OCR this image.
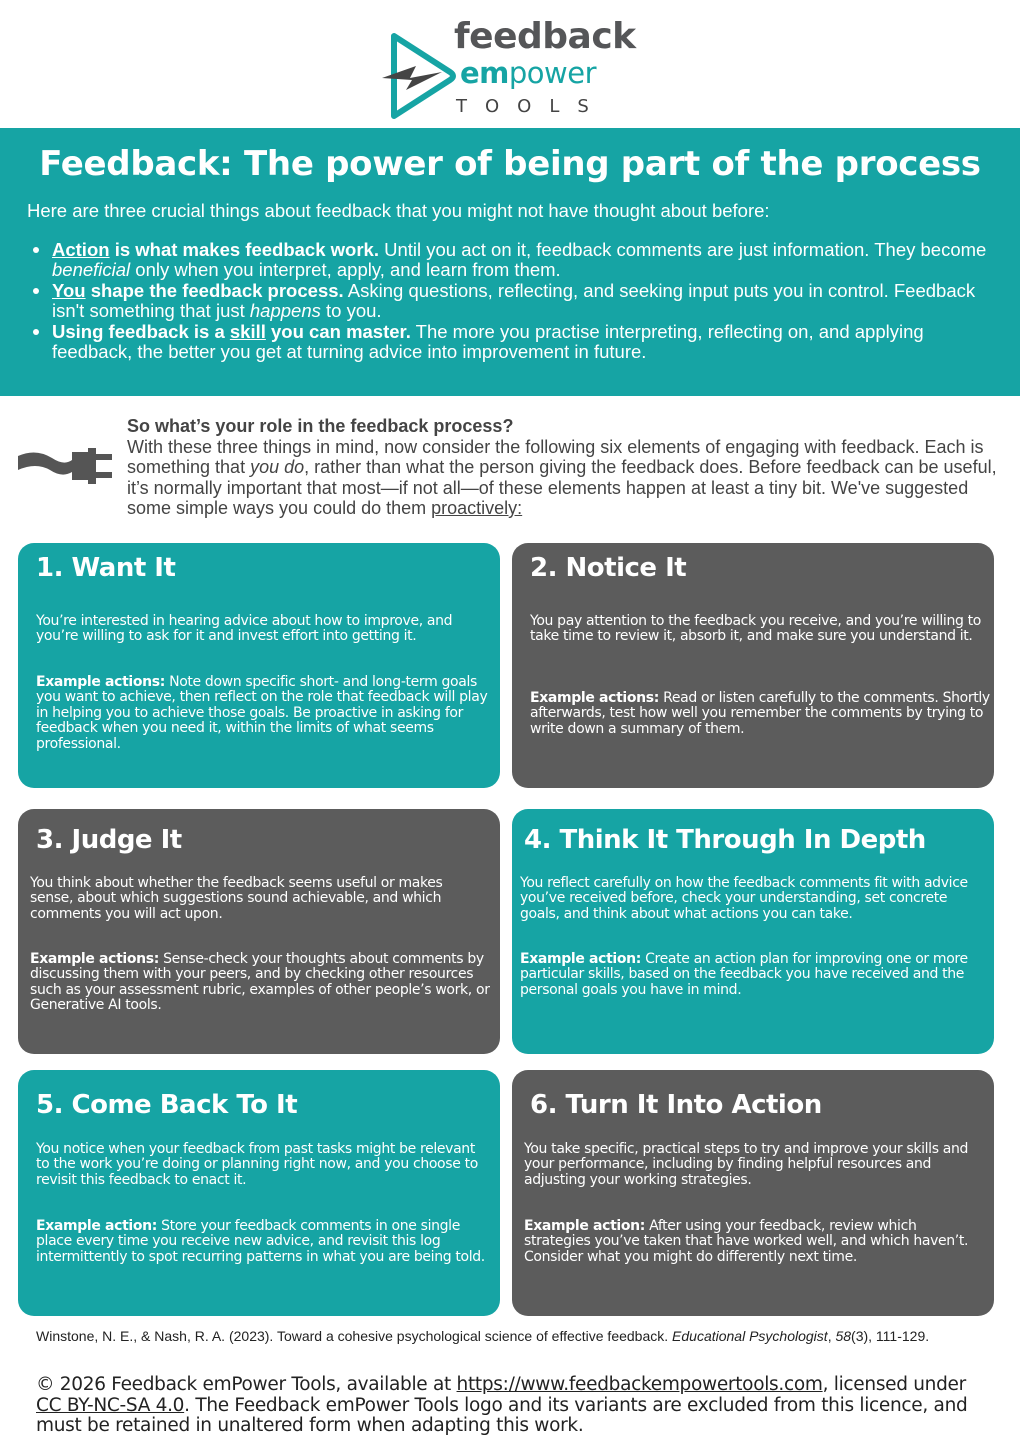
feedback
empower
TOOLS
Feedback: The power of being part of the process

Here are three crucial things about feedback that you might not have thought about before:

Action is what makes feedback work. Until you act on it, feedback comments are just information. They become beneficial only when you interpret, apply, and learn from them.
You shape the feedback process. Asking questions, reflecting, and seeking input puts you in control. Feedback isn't something that just happens to you.
Using feedback is a skill you can master. The more you practise interpreting, reflecting on, and applying feedback, the better you get at turning advice into improvement in future.
So what’s your role in the feedback process?
With these three things in mind, now consider the following six elements of engaging with feedback. Each is something that you do, rather than what the person giving the feedback does. Before feedback can be useful, it’s normally important that most—if not all—of these elements happen at least a tiny bit. We've suggested some simple ways you could do them proactively:
1. Want It
You’re interested in hearing advice about how to improve, and you’re willing to ask for it and invest effort into getting it.
Example actions: Note down specific short- and long-term goals you want to achieve, then reflect on the role that feedback will play in helping you to achieve those goals. Be proactive in asking for feedback when you need it, within the limits of what seems professional.
2. Notice It
You pay attention to the feedback you receive, and you’re willing to take time to review it, absorb it, and make sure you understand it.
Example actions: Read or listen carefully to the comments. Shortly afterwards, test how well you remember the comments by trying to write down a summary of them.
3. Judge It
You think about whether the feedback seems useful or makes sense, about which suggestions sound achievable, and which comments you will act upon.
Example actions: Sense-check your thoughts about comments by discussing them with your peers, and by checking other resources such as your assessment rubric, examples of other people’s work, or Generative AI tools.
4. Think It Through In Depth
You reflect carefully on how the feedback comments fit with advice you’ve received before, check your understanding, set concrete goals, and think about what actions you can take.
Example action: Create an action plan for improving one or more particular skills, based on the feedback you have received and the personal goals you have in mind.
5. Come Back To It
You notice when your feedback from past tasks might be relevant to the work you’re doing or planning right now, and you choose to revisit this feedback to enact it.
Example action: Store your feedback comments in one single place every time you receive new advice, and revisit this log intermittently to spot recurring patterns in what you are being told.
6. Turn It Into Action
You take specific, practical steps to try and improve your skills and your performance, including by finding helpful resources and adjusting your working strategies.
Example action: After using your feedback, review which strategies you’ve taken that have worked well, and which haven’t. Consider what you might do differently next time.
Winstone, N. E., & Nash, R. A. (2023). Toward a cohesive psychological science of effective feedback. Educational Psychologist, 58(3), 111-129.
© 2026 Feedback emPower Tools, available at https://www.feedbackempowertools.com, licensed under CC BY-NC-SA 4.0. The Feedback emPower Tools logo and its variants are excluded from this licence, and must be retained in unaltered form when adapting this work.
